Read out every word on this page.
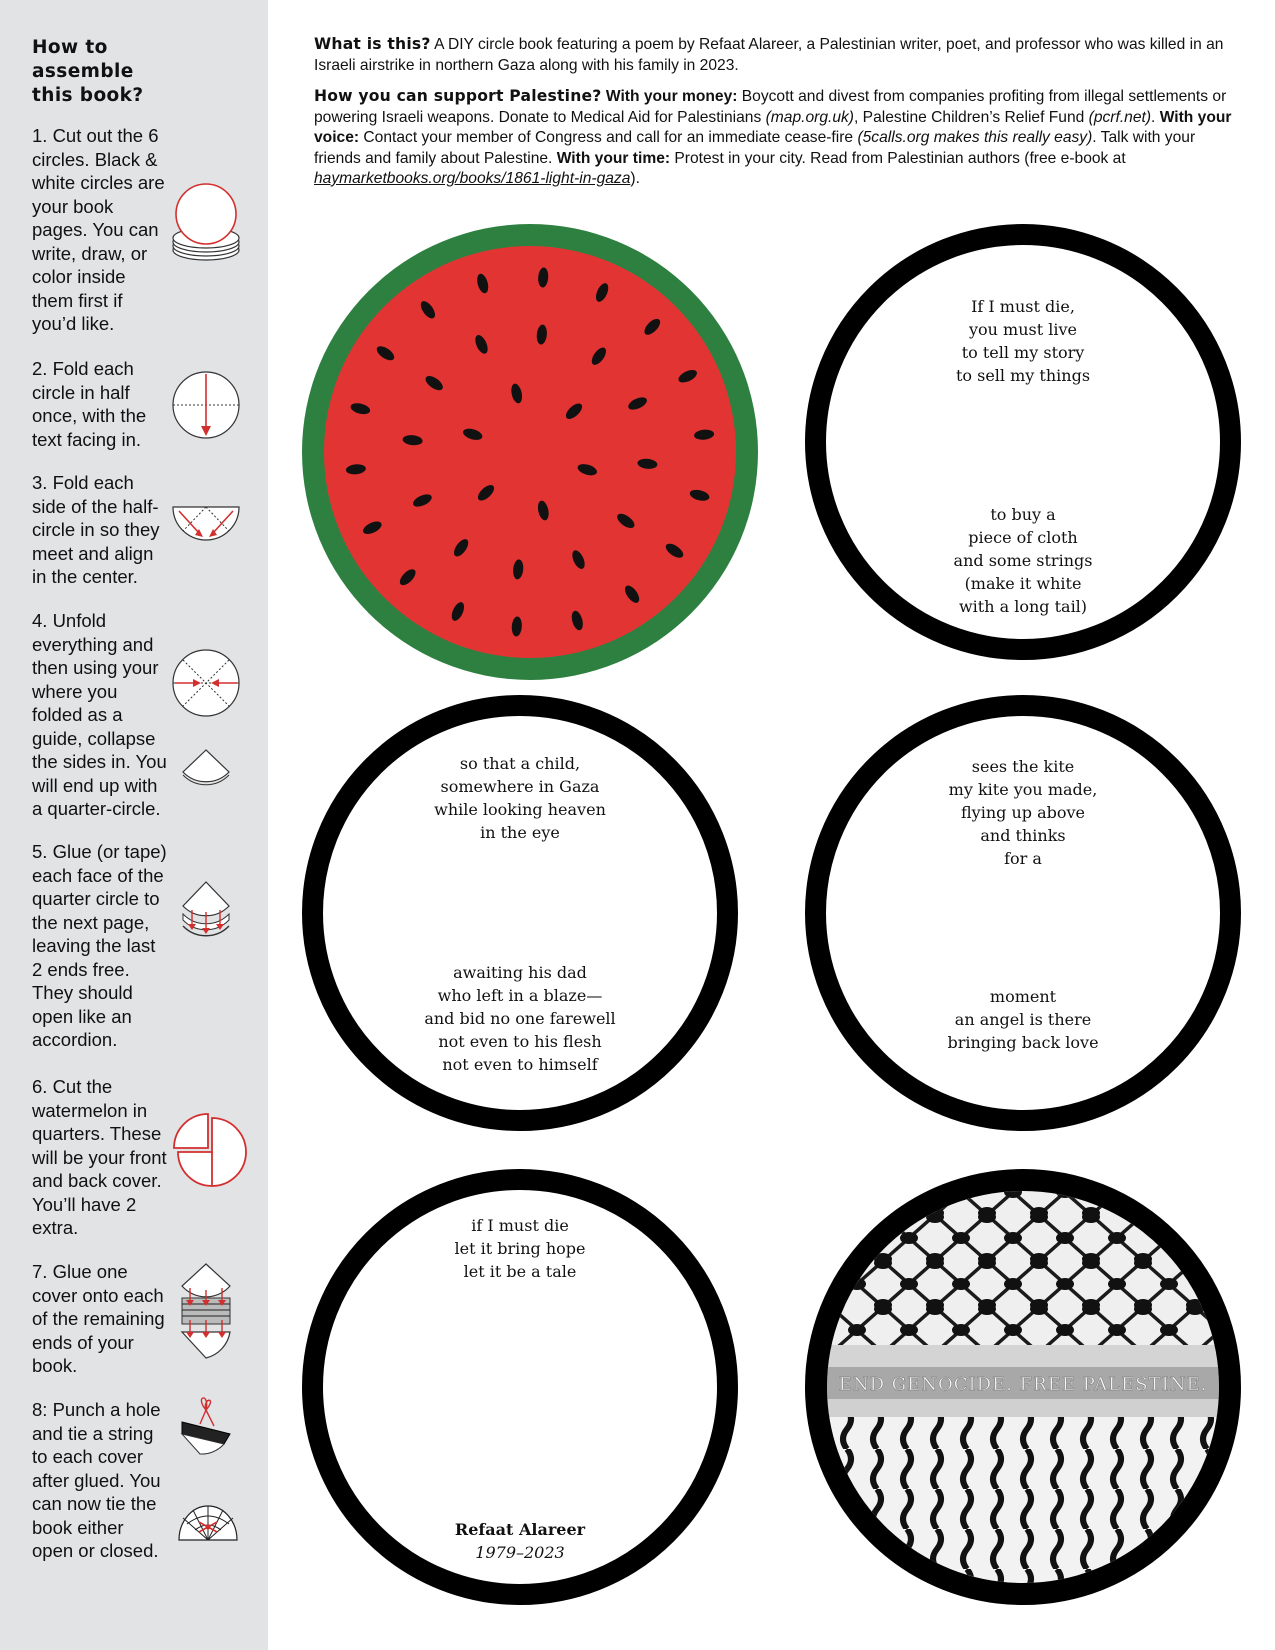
How to
assemble
this book?
1. Cut out the 6 circles. Black & white circles are your book pages. You can write, draw, or color inside them first if you’d like.
2. Fold each circle in half once, with the text facing in.
3. Fold each side of the half-circle in so they meet and align in the center.
4. Unfold everything and then using your where you folded as a guide, collapse the sides in. You will end up with a quarter-circle.
5. Glue (or tape) each face of the quarter circle to the next page, leaving the last 2 ends free. They should open like an accordion.
6. Cut the watermelon in quarters. These will be your front and back cover. You’ll have 2 extra.
7. Glue one cover onto each of the remaining ends of your book.
8: Punch a hole and tie a string to each cover after glued. You can now tie the book either open or closed.

What is this? A DIY circle book featuring a poem by Refaat Alareer, a Palestinian writer, poet, and professor who was killed in an Israeli airstrike in northern Gaza along with his family in 2023.

How you can support Palestine? With your money: Boycott and divest from companies profiting from illegal settlements or powering Israeli weapons. Donate to Medical Aid for Palestinians (map.org.uk), Palestine Children’s Relief Fund (pcrf.net). With your voice: Contact your member of Congress and call for an immediate cease-fire (5calls.org makes this really easy). Talk with your friends and family about Palestine. With your time: Protest in your city. Read from Palestinian authors (free e-book at haymarketbooks.org/books/1861-light-in-gaza).

If I must die,
you must live
to tell my story
to sell my things
to buy a
piece of cloth
and some strings
(make it white
with a long tail)
so that a child,
somewhere in Gaza
while looking heaven
in the eye
awaiting his dad
who left in a blaze—
and bid no one farewell
not even to his flesh
not even to himself
sees the kite
my kite you made,
flying up above
and thinks
for a
moment
an angel is there
bringing back love
if I must die
let it bring hope
let it be a tale
Refaat Alareer
1979–2023
END GENOCIDE. FREE PALESTINE.
